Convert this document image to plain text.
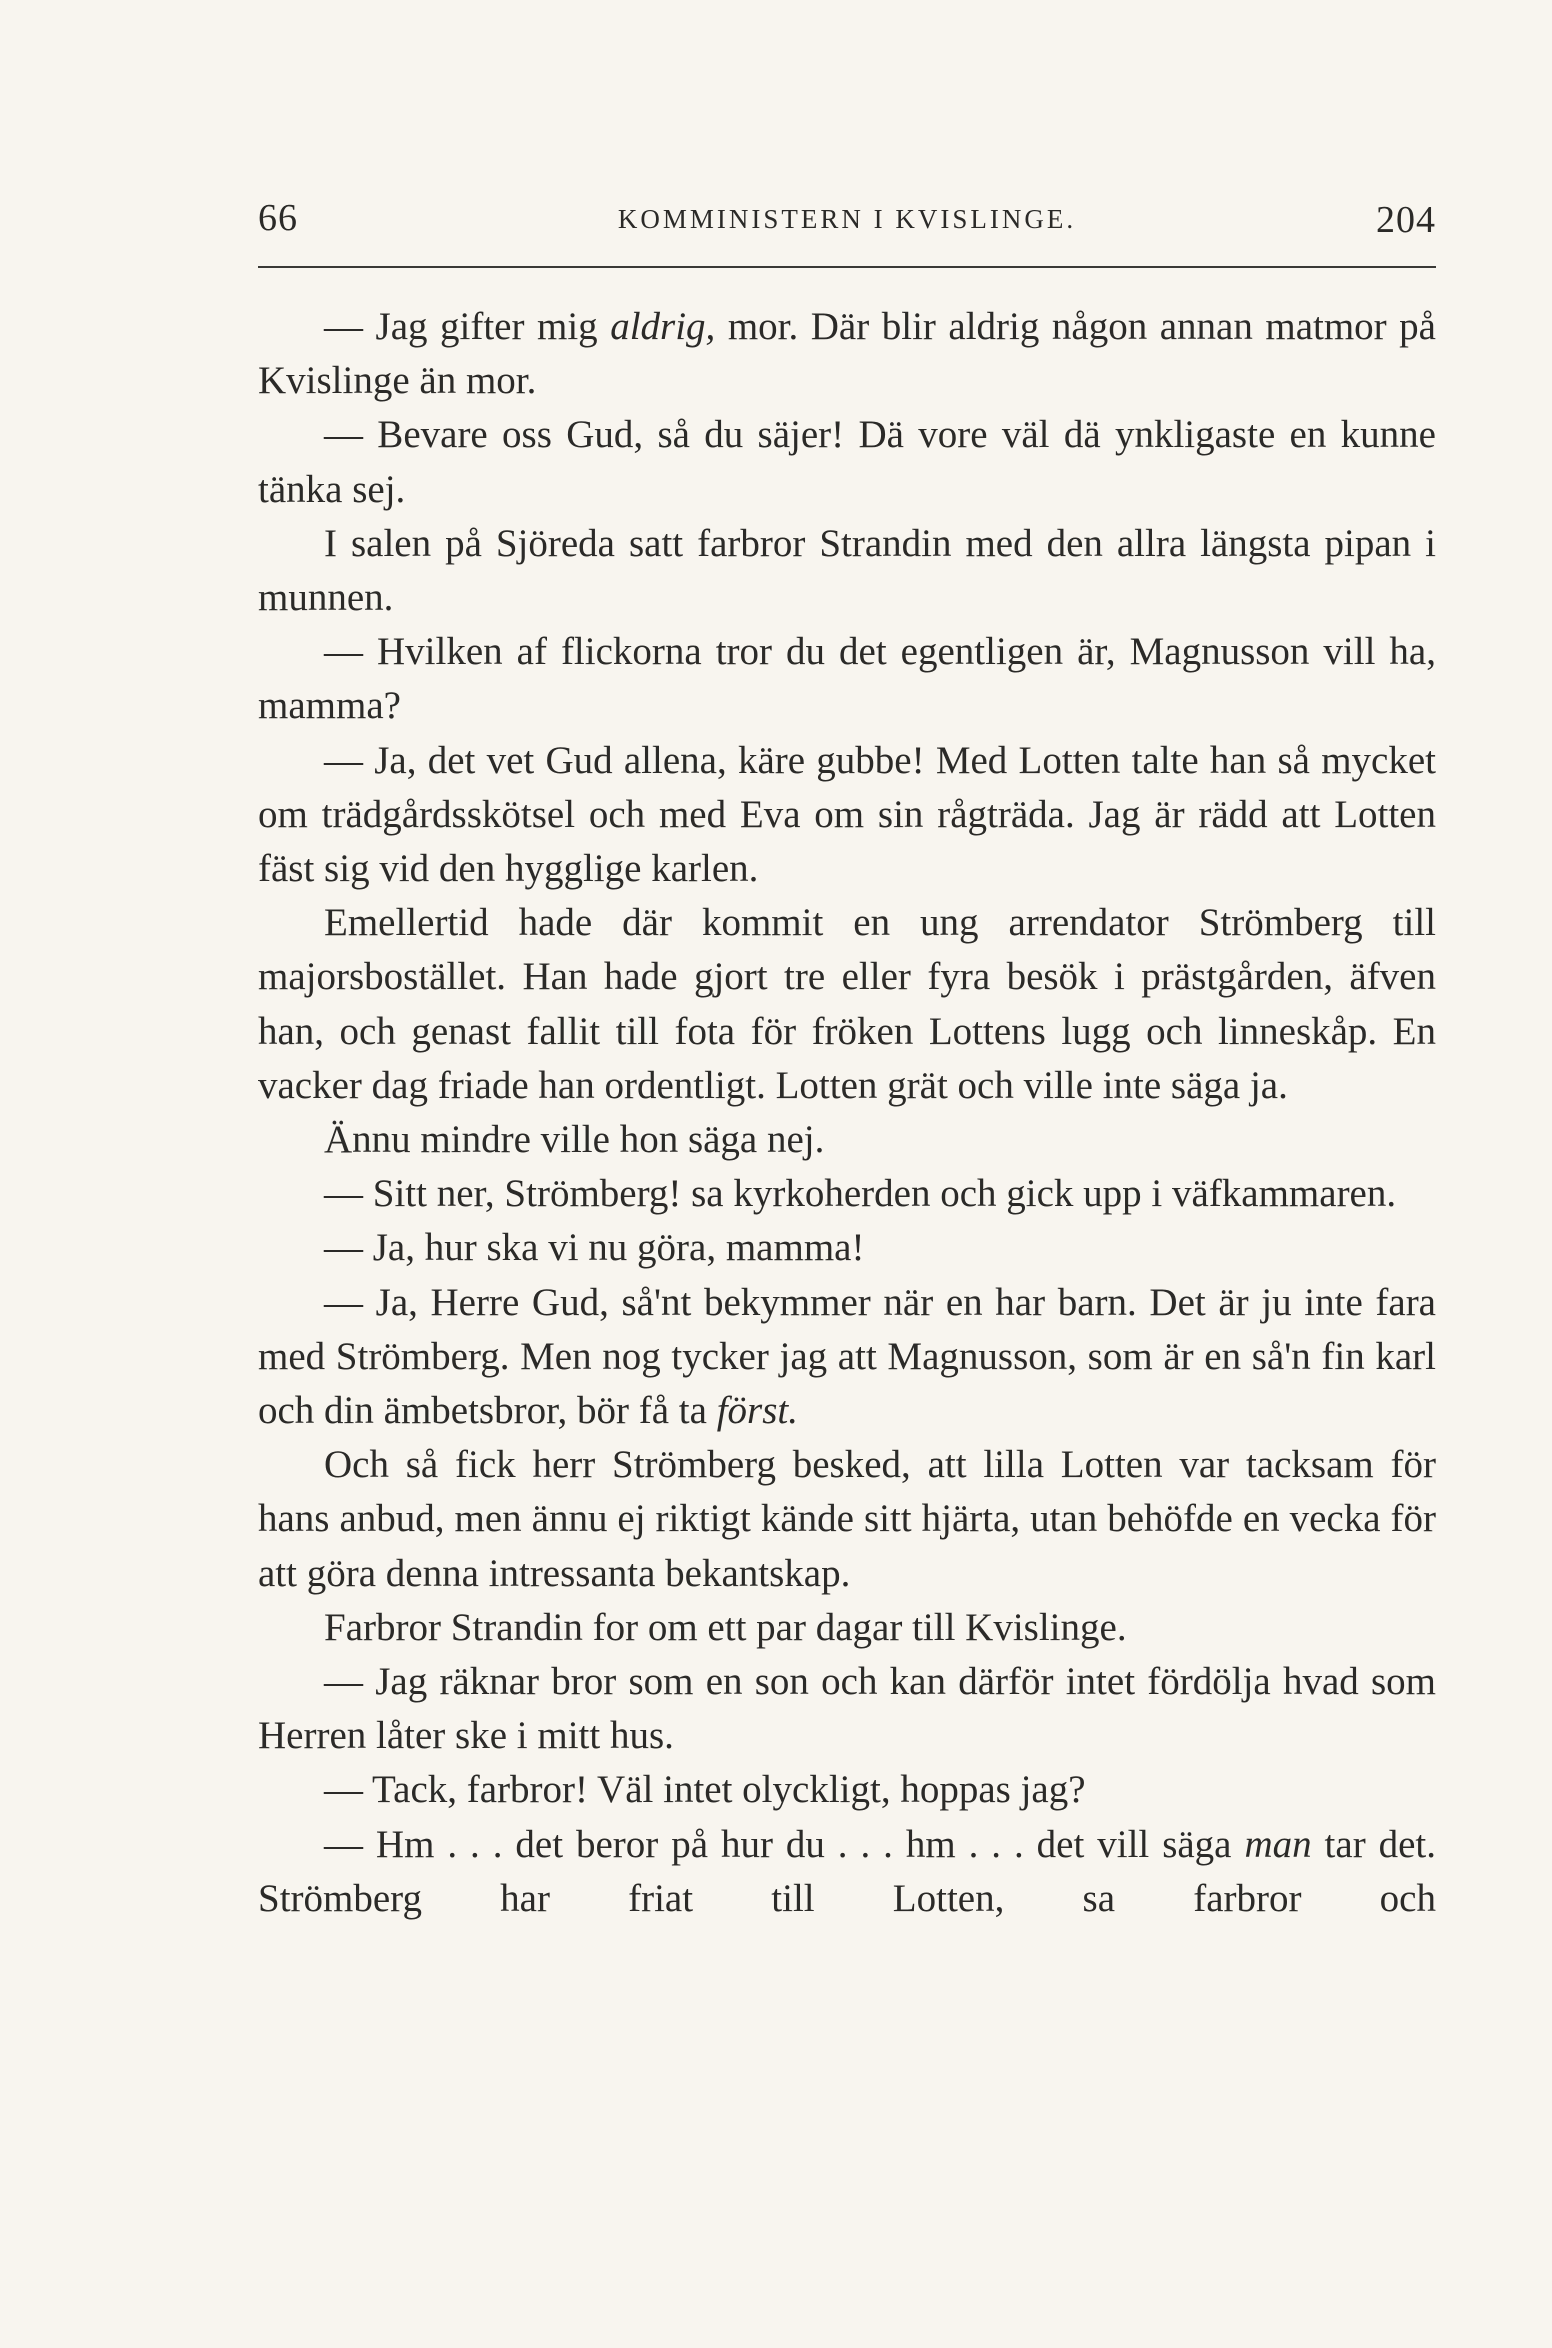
66	KOMMINISTERN I KVISLINGE.	204

— Jag gifter mig aldrig, mor. Där blir aldrig någon annan matmor på Kvislinge än mor.

— Bevare oss Gud, så du säjer! Dä vore väl dä ynkligaste en kunne tänka sej.

I salen på Sjöreda satt farbror Strandin med den allra längsta pipan i munnen.

— Hvilken af flickorna tror du det egentligen är, Magnusson vill ha, mamma?

— Ja, det vet Gud allena, käre gubbe! Med Lotten talte han så mycket om trädgårdsskötsel och med Eva om sin rågträda. Jag är rädd att Lotten fäst sig vid den hygglige karlen.

Emellertid hade där kommit en ung arrendator Strömberg till majorsbostället. Han hade gjort tre eller fyra besök i prästgården, äfven han, och genast fallit till fota för fröken Lottens lugg och linneskåp. En vacker dag friade han ordentligt. Lotten grät och ville inte säga ja.

Ännu mindre ville hon säga nej.

— Sitt ner, Strömberg! sa kyrkoherden och gick upp i väfkammaren.

— Ja, hur ska vi nu göra, mamma!

— Ja, Herre Gud, så'nt bekymmer när en har barn. Det är ju inte fara med Strömberg. Men nog tycker jag att Magnusson, som är en så'n fin karl och din ämbetsbror, bör få ta först.

Och så fick herr Strömberg besked, att lilla Lotten var tacksam för hans anbud, men ännu ej riktigt kände sitt hjärta, utan behöfde en vecka för att göra denna intressanta bekantskap.

Farbror Strandin for om ett par dagar till Kvislinge.

— Jag räknar bror som en son och kan därför intet fördölja hvad som Herren låter ske i mitt hus.

— Tack, farbror! Väl intet olyckligt, hoppas jag?

— Hm . . . det beror på hur du . . . hm . . . det vill säga man tar det. Strömberg har friat till Lotten, sa farbror och
